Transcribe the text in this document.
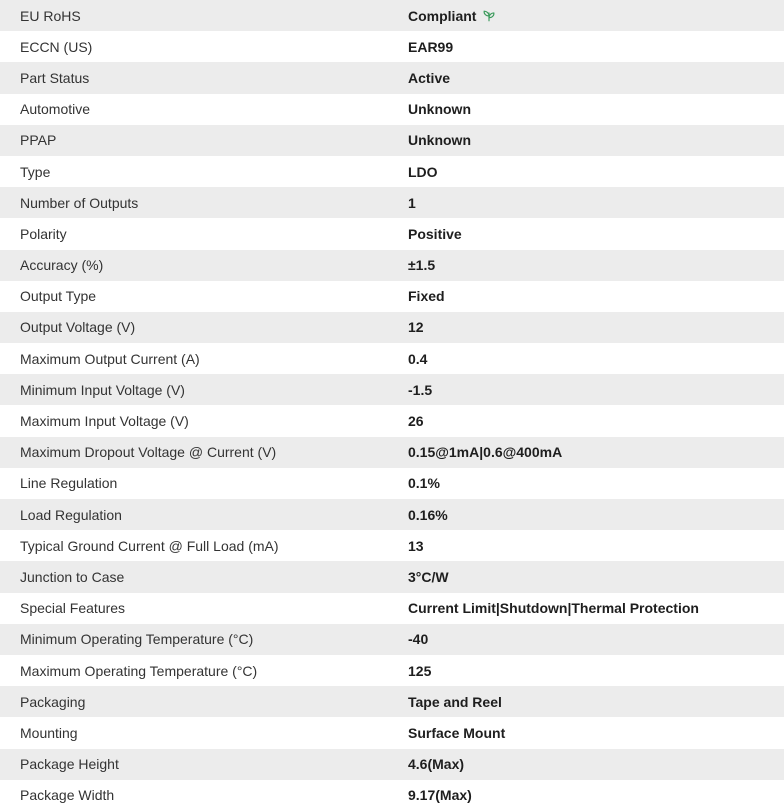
EU RoHS	Compliant
ECCN (US)	EAR99
Part Status	Active
Automotive	Unknown
PPAP	Unknown
Type	LDO
Number of Outputs	1
Polarity	Positive
Accuracy (%)	±1.5
Output Type	Fixed
Output Voltage (V)	12
Maximum Output Current (A)	0.4
Minimum Input Voltage (V)	-1.5
Maximum Input Voltage (V)	26
Maximum Dropout Voltage @ Current (V)	0.15@1mA|0.6@400mA
Line Regulation	0.1%
Load Regulation	0.16%
Typical Ground Current @ Full Load (mA)	13
Junction to Case	3°C/W
Special Features	Current Limit|Shutdown|Thermal Protection
Minimum Operating Temperature (°C)	-40
Maximum Operating Temperature (°C)	125
Packaging	Tape and Reel
Mounting	Surface Mount
Package Height	4.6(Max)
Package Width	9.17(Max)
